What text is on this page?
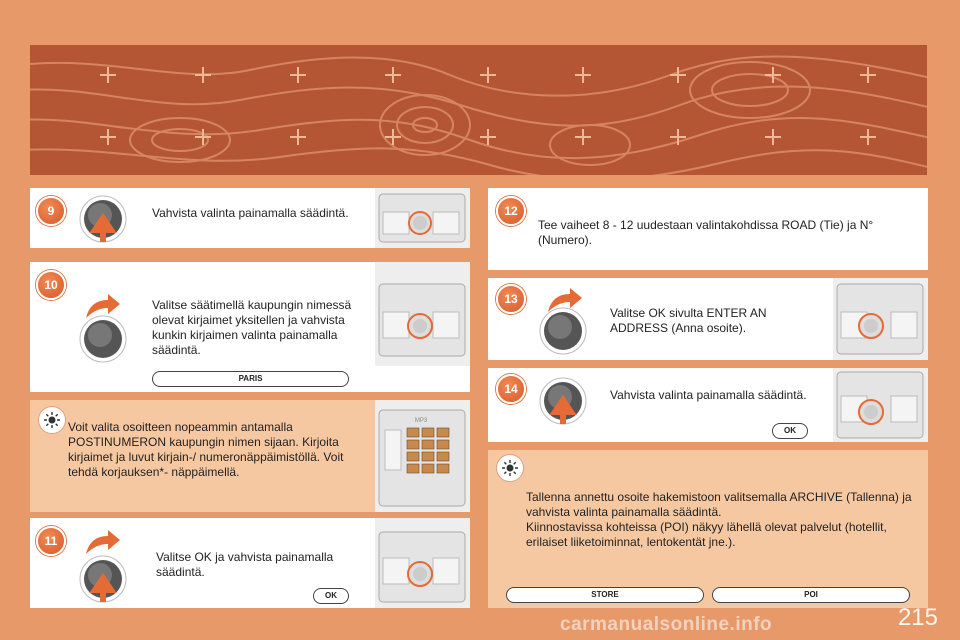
9	Vahvista valinta painamalla säädintä.
10
Valitse säätimellä kaupungin nimessä olevat kirjaimet yksitellen ja vahvista kunkin kirjaimen valinta painamalla säädintä.
PARIS
Voit valita osoitteen nopeammin antamalla POSTINUMERON kaupungin nimen sijaan. Kirjoita kirjaimet ja luvut kirjain-/ numeronäppäimistöllä. Voit tehdä korjauksen*- näppäimellä.
MP3
11
Valitse OK ja vahvista painamalla säädintä.
OK
12
Tee vaiheet 8 - 12 uudestaan valintakohdissa ROAD (Tie) ja N° (Numero).
13
Valitse OK sivulta ENTER AN ADDRESS (Anna osoite).
14	Vahvista valinta painamalla säädintä.
OK
Tallenna annettu osoite hakemistoon valitsemalla ARCHIVE (Tallenna) ja vahvista valinta painamalla säädintä.
Kiinnostavissa kohteissa (POI) näkyy lähellä olevat palvelut (hotellit, erilaiset liiketoiminnat, lentokentät jne.).
STORE	POI
215
carmanualsonline.info
